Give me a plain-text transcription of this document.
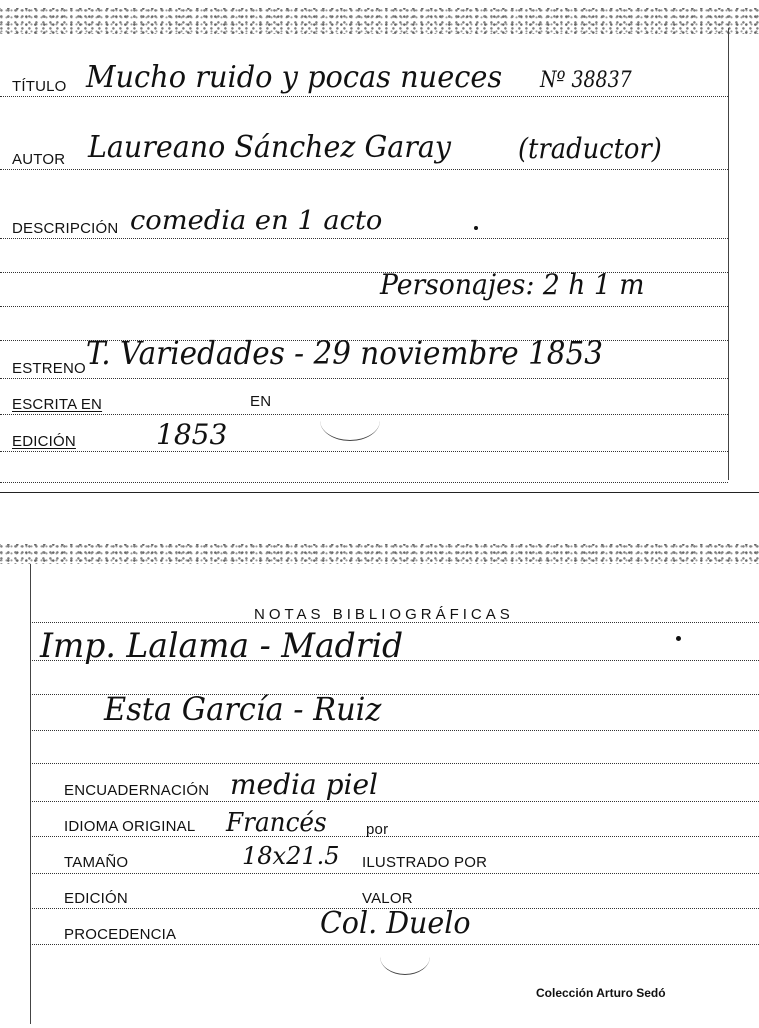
TÍTULO Mucho ruido y pocas nueces Nº 38837
AUTOR Laureano Sánchez Garay (traductor)
DESCRIPCIÓN comedia en 1 acto
Personajes: 2 h 1 m
ESTRENO T. Variedades - 29 noviembre 1853
ESCRITA EN	EN
EDICIÓN	1853
NOTAS BIBLIOGRÁFICAS
Imp. Lalama - Madrid
Esta García - Ruiz
ENCUADERNACIÓN media piel
IDIOMA ORIGINAL Francés	por
TAMAÑO	18x21.5 ILUSTRADO POR
EDICIÓN	VALOR
PROCEDENCIA	Col. Duelo
Colección Arturo Sedó
